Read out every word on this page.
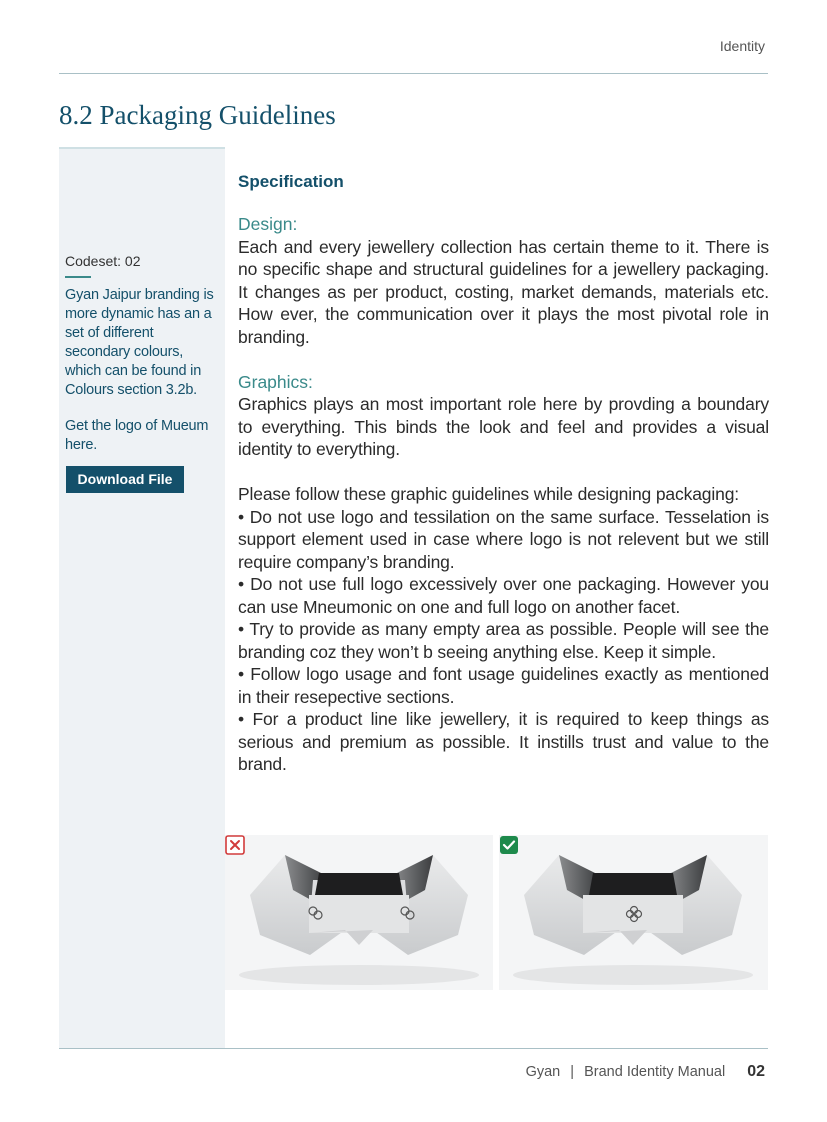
Identity
8.2 Packaging Guidelines
Codeset: 02
Gyan Jaipur branding is more dynamic has an a set of different secondary colours, which can be found in Colours section 3.2b.
Get the logo of Mueum here.
Download File

Specification

Design:

Each and every jewellery collection has certain theme to it. There is no specific shape and structural guidelines for a jewellery packaging. It changes as per product, costing, market demands, materials etc. How ever, the communication over it plays the most pivotal role in branding.

Graphics:

Graphics plays an most important role here by provding a boundary to everything. This binds the look and feel and provides a visual identity to everything.

Please follow these graphic guidelines while designing packaging:

• Do not use logo and tessilation on the same surface. Tesselation is support element used in case where logo is not relevent but we still require company’s branding.

• Do not use full logo excessively over one packaging. However you can use Mneumonic on one and full logo on another facet.

• Try to provide as many empty area as possible. People will see the branding coz they won’t b seeing anything else. Keep it simple.

• Follow logo usage and font usage guidelines exactly as mentioned in their resepective sections.

• For a product line like jewellery, it is required to keep things as serious and premium as possible. It instills trust and value to the brand.

Gyan | Brand Identity Manual 02
